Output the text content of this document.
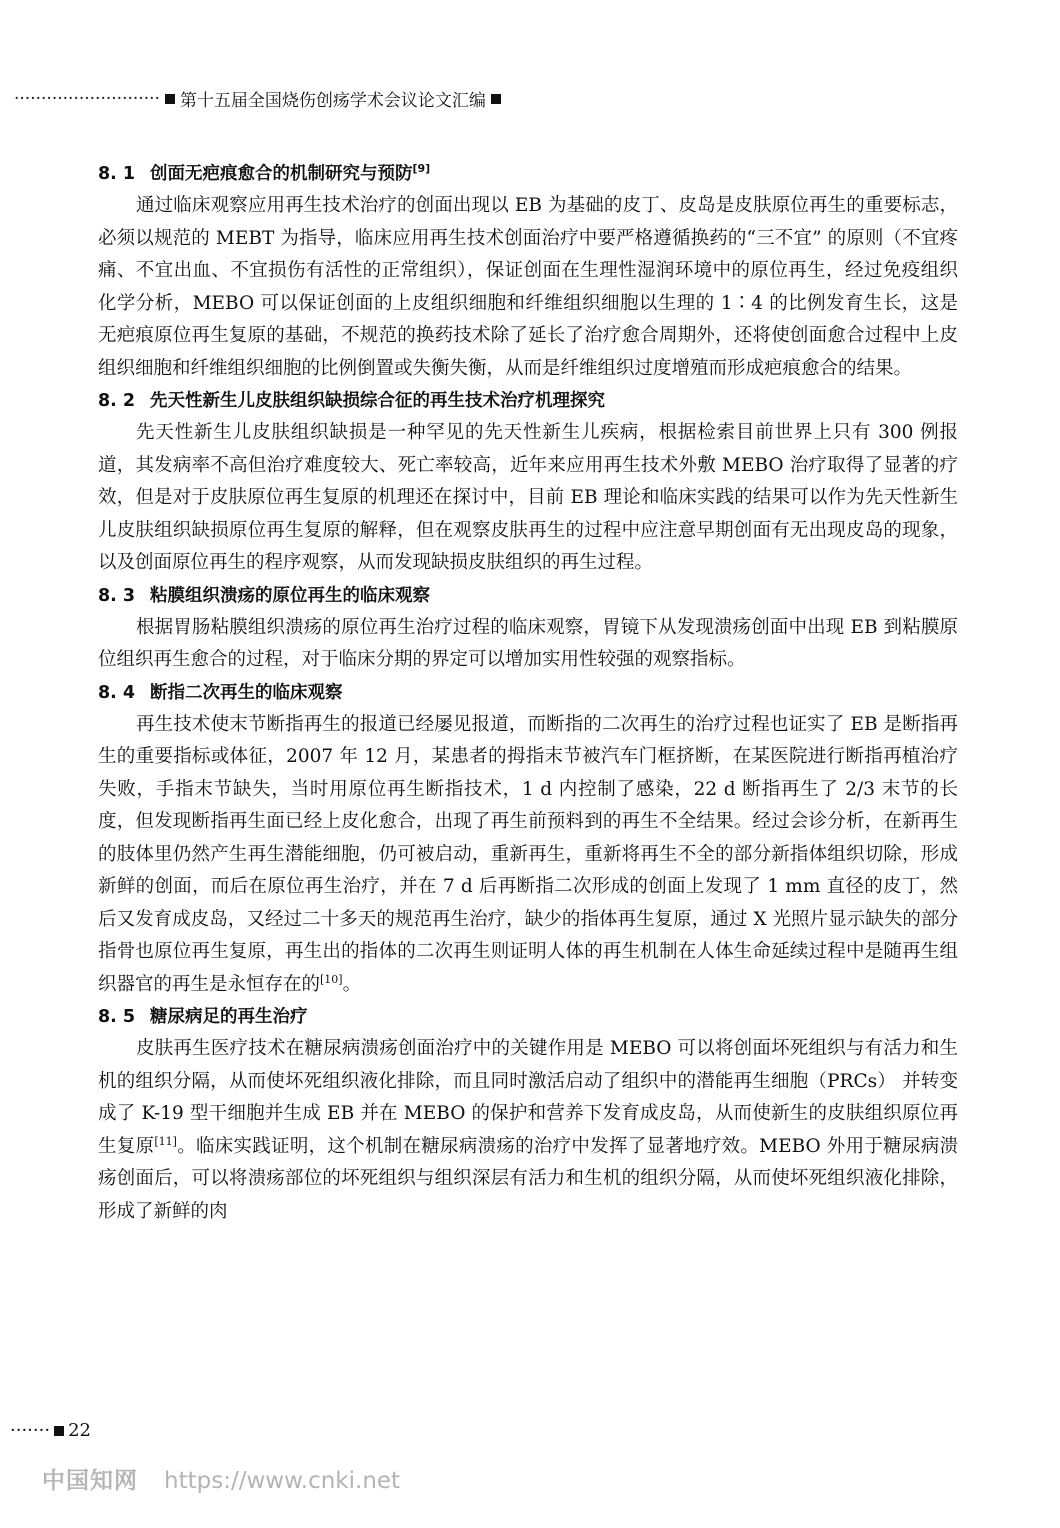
··························· 第十五届全国烧伤创疡学术会议论文汇编
8. 1 创面无疤痕愈合的机制研究与预防[9]

通过临床观察应用再生技术治疗的创面出现以 EB 为基础的皮丁、皮岛是皮肤原位再生的重要标志，必须以规范的 MEBT 为指导，临床应用再生技术创面治疗中要严格遵循换药的“三不宜” 的原则（不宜疼痛、不宜出血、不宜损伤有活性的正常组织），保证创面在生理性湿润环境中的原位再生，经过免疫组织化学分析，MEBO 可以保证创面的上皮组织细胞和纤维组织细胞以生理的 1∶4 的比例发育生长，这是无疤痕原位再生复原的基础，不规范的换药技术除了延长了治疗愈合周期外，还将使创面愈合过程中上皮组织细胞和纤维组织细胞的比例倒置或失衡失衡，从而是纤维组织过度增殖而形成疤痕愈合的结果。

8. 2 先天性新生儿皮肤组织缺损综合征的再生技术治疗机理探究

先天性新生儿皮肤组织缺损是一种罕见的先天性新生儿疾病，根据检索目前世界上只有 300 例报道，其发病率不高但治疗难度较大、死亡率较高，近年来应用再生技术外敷 MEBO 治疗取得了显著的疗效，但是对于皮肤原位再生复原的机理还在探讨中，目前 EB 理论和临床实践的结果可以作为先天性新生儿皮肤组织缺损原位再生复原的解释，但在观察皮肤再生的过程中应注意早期创面有无出现皮岛的现象，以及创面原位再生的程序观察，从而发现缺损皮肤组织的再生过程。

8. 3 粘膜组织溃疡的原位再生的临床观察

根据胃肠粘膜组织溃疡的原位再生治疗过程的临床观察，胃镜下从发现溃疡创面中出现 EB 到粘膜原位组织再生愈合的过程，对于临床分期的界定可以增加实用性较强的观察指标。

8. 4 断指二次再生的临床观察

再生技术使末节断指再生的报道已经屡见报道，而断指的二次再生的治疗过程也证实了 EB 是断指再生的重要指标或体征，2007 年 12 月，某患者的拇指末节被汽车门框挤断，在某医院进行断指再植治疗失败，手指末节缺失，当时用原位再生断指技术，1 d 内控制了感染，22 d 断指再生了 2/3 末节的长度，但发现断指再生面已经上皮化愈合，出现了再生前预料到的再生不全结果。经过会诊分析，在新再生的肢体里仍然产生再生潜能细胞，仍可被启动，重新再生，重新将再生不全的部分新指体组织切除，形成新鲜的创面，而后在原位再生治疗，并在 7 d 后再断指二次形成的创面上发现了 1 mm 直径的皮丁，然后又发育成皮岛，又经过二十多天的规范再生治疗，缺少的指体再生复原，通过 X 光照片显示缺失的部分指骨也原位再生复原，再生出的指体的二次再生则证明人体的再生机制在人体生命延续过程中是随再生组织器官的再生是永恒存在的[10]。

8. 5 糖尿病足的再生治疗

皮肤再生医疗技术在糖尿病溃疡创面治疗中的关键作用是 MEBO 可以将创面坏死组织与有活力和生机的组织分隔，从而使坏死组织液化排除，而且同时激活启动了组织中的潜能再生细胞（PRCs） 并转变成了 K-19 型干细胞并生成 EB 并在 MEBO 的保护和营养下发育成皮岛，从而使新生的皮肤组织原位再生复原[11]。临床实践证明，这个机制在糖尿病溃疡的治疗中发挥了显著地疗效。MEBO 外用于糖尿病溃疡创面后，可以将溃疡部位的坏死组织与组织深层有活力和生机的组织分隔，从而使坏死组织液化排除，形成了新鲜的肉

······· 22
中国知网 https://www.cnki.net
